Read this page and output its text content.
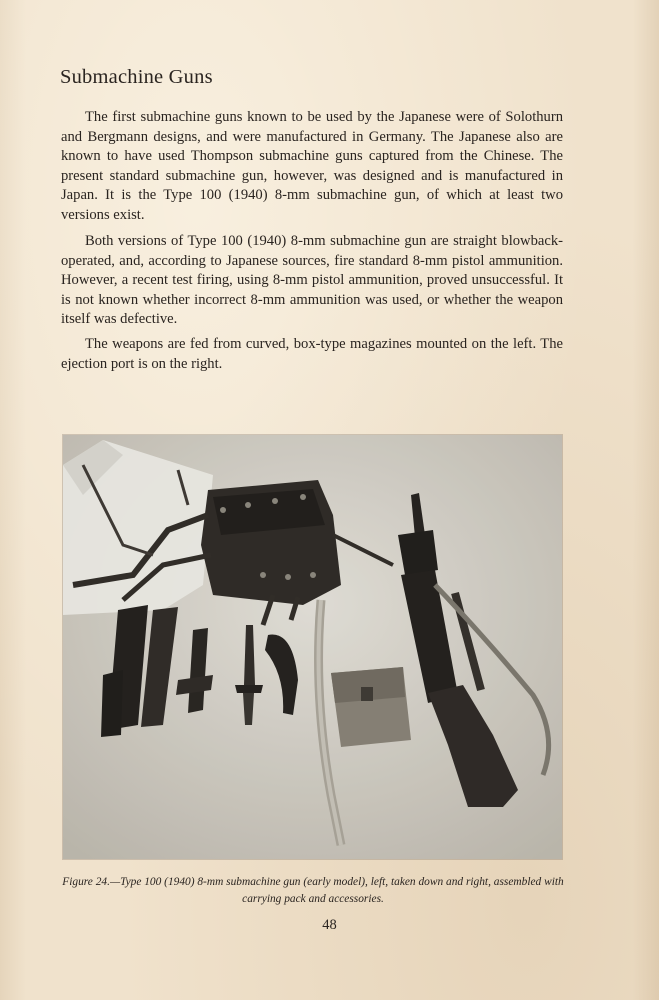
Submachine Guns

The first submachine guns known to be used by the Japanese were of Solothurn and Bergmann designs, and were manufactured in Germany. The Japanese also are known to have used Thompson submachine guns captured from the Chinese. The present standard submachine gun, however, was designed and is manufactured in Japan. It is the Type 100 (1940) 8-mm submachine gun, of which at least two versions exist.

Both versions of Type 100 (1940) 8-mm submachine gun are straight blowback-operated, and, according to Japanese sources, fire standard 8-mm pistol ammunition. However, a recent test firing, using 8-mm pistol ammunition, proved unsuccessful. It is not known whether incorrect 8-mm ammunition was used, or whether the weapon itself was defective.

The weapons are fed from curved, box-type magazines mounted on the left. The ejection port is on the right.

Figure 24.—Type 100 (1940) 8-mm submachine gun (early model), left, taken down and right, assembled with carrying pack and accessories.

48
